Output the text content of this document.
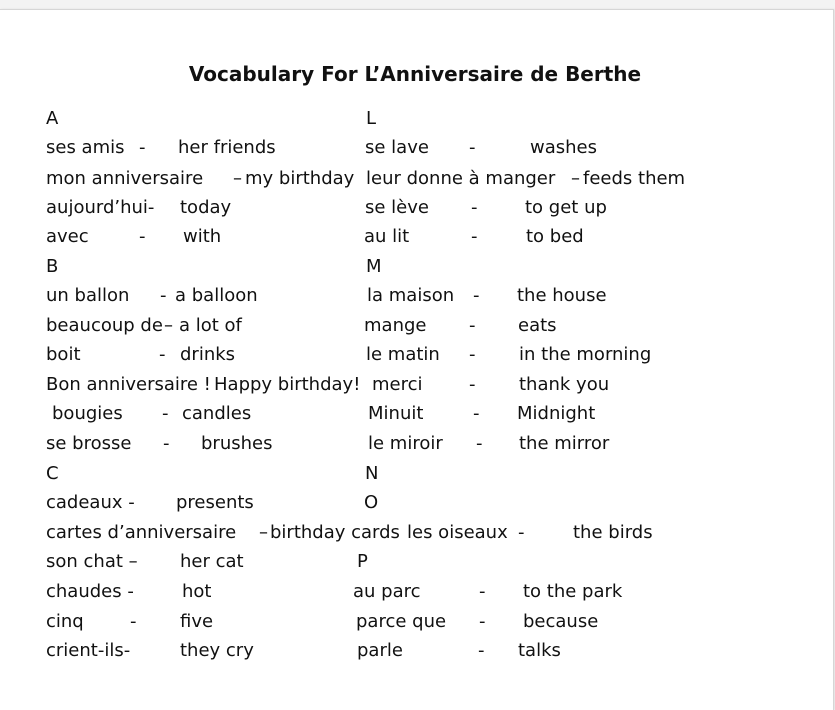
Vocabulary For L’Anniversaire de Berthe
A
ses amis - her friends
mon anniversaire – my birthday
aujourd’hui- today
avec	- with
B
un ballon - a balloon
beaucoup de – a lot of
boit	- drinks
Bon anniversaire ! Happy birthday!
bougies - candles
se brosse - brushes
C
cadeaux - presents
cartes d’anniversaire – birthday cards
son chat – her cat
chaudes -	hot
cinq	- five
crient-ils-	they cry
L
se lave -	washes
leur donne à manger – feeds them
se lève -	to get up
au lit	-	to bed
M
la maison - the house
mange - eats
le matin - in the morning
merci	- thank you
Minuit	- Midnight
le miroir - the mirror
N
O
les oiseaux -	the birds
P
au parc	- to the park
parce que - because
parle	- talks
